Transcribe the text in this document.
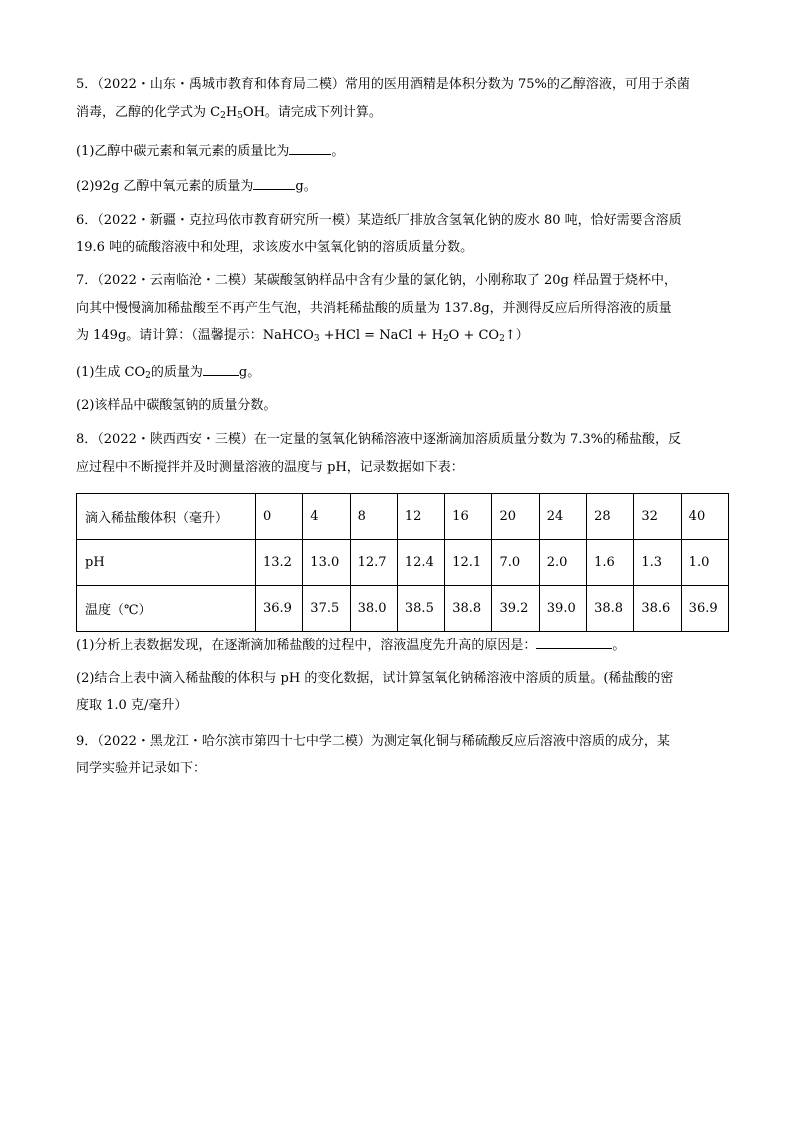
5．（2022・山东・禹城市教育和体育局二模）常用的医用酒精是体积分数为 75%的乙醇溶液，可用于杀菌
消毒，乙醇的化学式为 $C_2H_5OH$。请完成下列计算。
(1)乙醇中碳元素和氧元素的质量比为	。
(2)92g 乙醇中氧元素的质量为	g。
6．（2022・新疆・克拉玛依市教育研究所一模）某造纸厂排放含氢氧化钠的废水 80 吨，恰好需要含溶质
19.6 吨的硫酸溶液中和处理，求该废水中氢氧化钠的溶质质量分数。
7．（2022・云南临沧・二模）某碳酸氢钠样品中含有少量的氯化钠，小刚称取了 20g 样品置于烧杯中，
向其中慢慢滴加稀盐酸至不再产生气泡，共消耗稀盐酸的质量为 137.8g，并测得反应后所得溶液的质量
为 149g。请计算：（温馨提示：NaHCO$_3$ +HCl = NaCl + $H_2O$ + $CO_2↑$）
(1)生成 $CO_2$的质量为	g。
(2)该样品中碳酸氢钠的质量分数。
8．（2022・陕西西安・三模）在一定量的氢氧化钠稀溶液中逐渐滴加溶质质量分数为 7.3%的稀盐酸，反
应过程中不断搅拌并及时测量溶液的温度与 pH，记录数据如下表：
滴入稀盐酸体积（毫升）	0	4	8	12	16	20	24	28	32	40
pH	13.2	13.0	12.7	12.4	12.1	7.0	2.0	1.6	1.3	1.0
温度（℃）	36.9	37.5	38.0	38.5	38.8	39.2	39.0	38.8	38.6	36.9
(1)分析上表数据发现，在逐渐滴加稀盐酸的过程中，溶液温度先升高的原因是：	。
(2)结合上表中滴入稀盐酸的体积与 pH 的变化数据，试计算氢氧化钠稀溶液中溶质的质量。(稀盐酸的密
度取 1.0 克/毫升）
9．（2022・黑龙江・哈尔滨市第四十七中学二模）为测定氧化铜与稀硫酸反应后溶液中溶质的成分，某
同学实验并记录如下：
